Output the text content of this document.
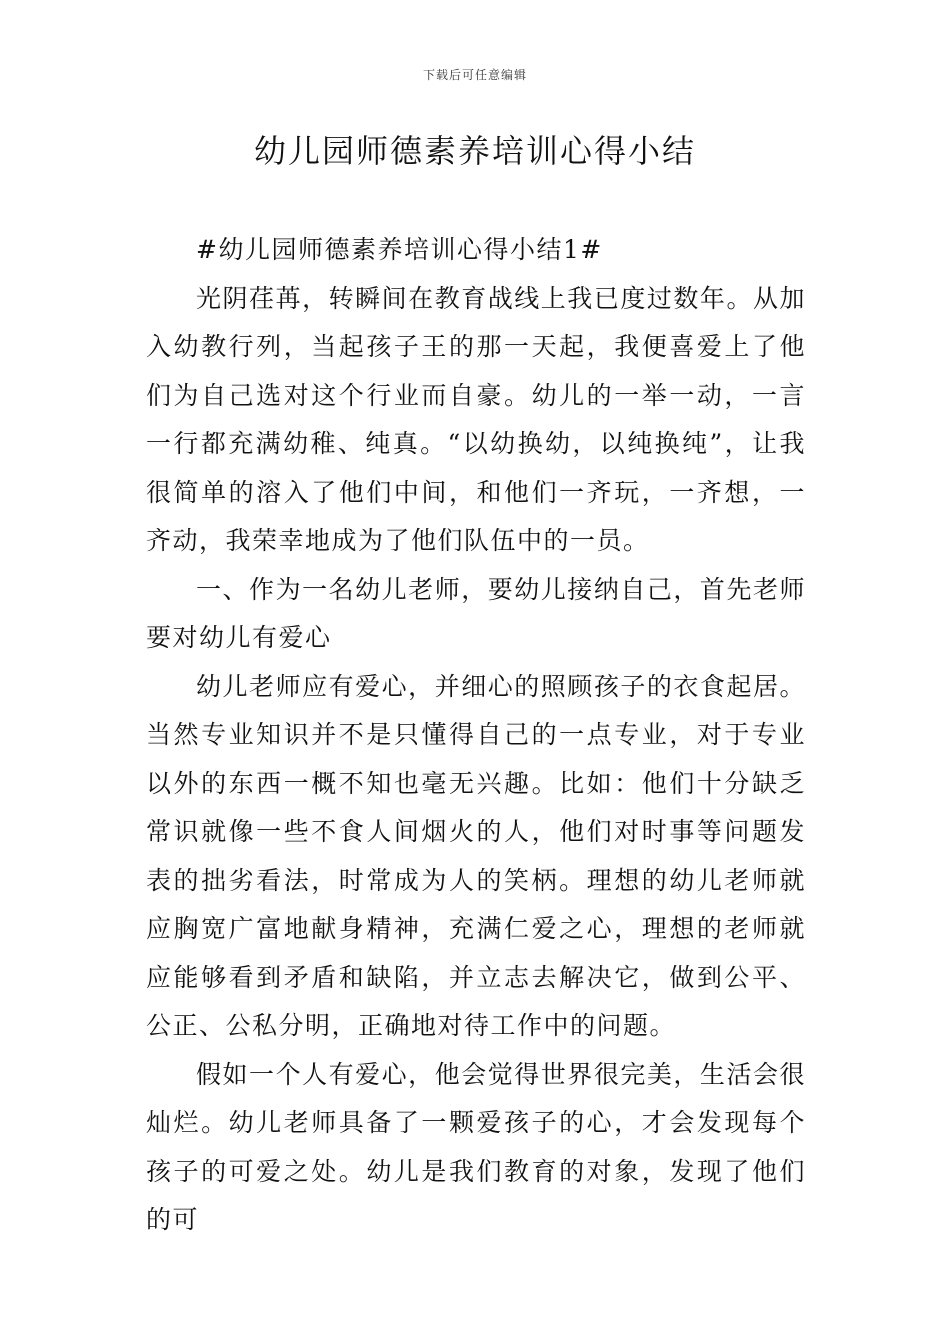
下载后可任意编辑
幼儿园师德素养培训心得小结

#幼儿园师德素养培训心得小结1#

光阴荏苒，转瞬间在教育战线上我已度过数年。从加入幼教行列，当起孩子王的那一天起，我便喜爱上了他们为自己选对这个行业而自豪。幼儿的一举一动，一言一行都充满幼稚、纯真。“以幼换幼，以纯换纯”，让我很简单的溶入了他们中间，和他们一齐玩，一齐想，一齐动，我荣幸地成为了他们队伍中的一员。

一、作为一名幼儿老师，要幼儿接纳自己，首先老师要对幼儿有爱心

幼儿老师应有爱心，并细心的照顾孩子的衣食起居。当然专业知识并不是只懂得自己的一点专业，对于专业以外的东西一概不知也毫无兴趣。比如：他们十分缺乏常识就像一些不食人间烟火的人，他们对时事等问题发表的拙劣看法，时常成为人的笑柄。理想的幼儿老师就应胸宽广富地献身精神，充满仁爱之心，理想的老师就应能够看到矛盾和缺陷，并立志去解决它，做到公平、公正、公私分明，正确地对待工作中的问题。

假如一个人有爱心，他会觉得世界很完美，生活会很灿烂。幼儿老师具备了一颗爱孩子的心，才会发现每个孩子的可爱之处。幼儿是我们教育的对象，发现了他们的可
